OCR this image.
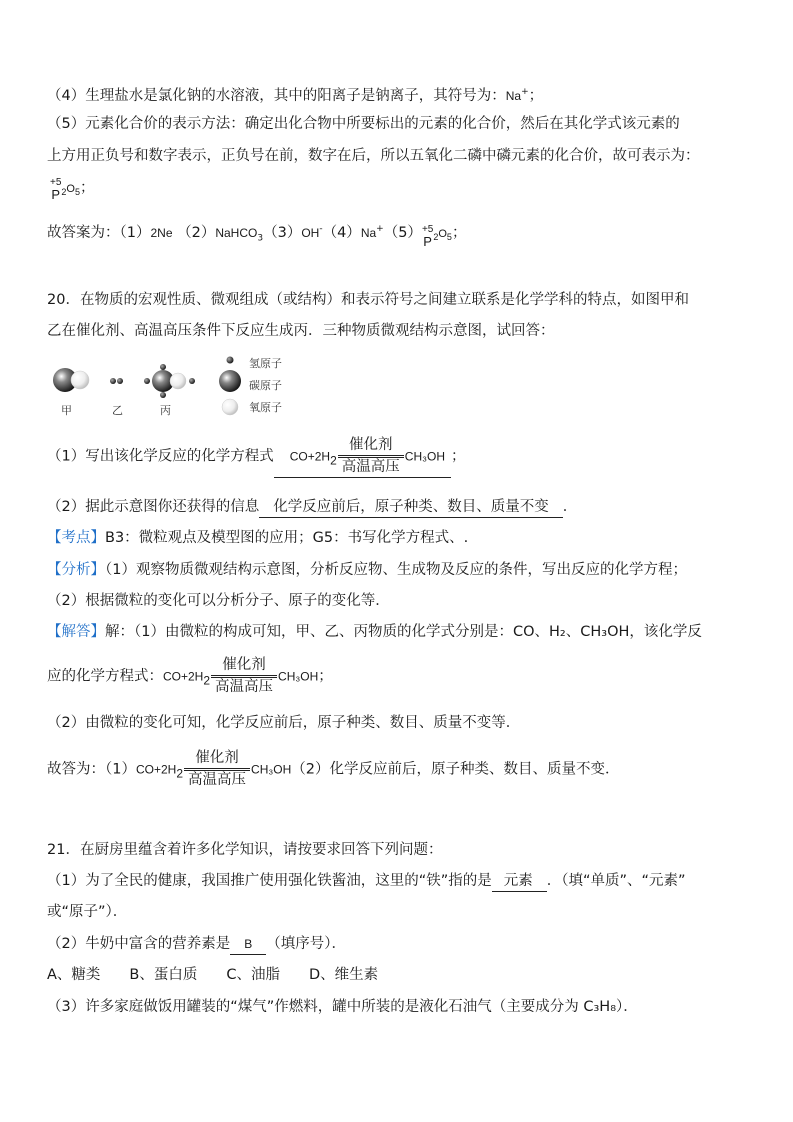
（4）生理盐水是氯化钠的水溶液，其中的阳离子是钠离子，其符号为：Na+；
（5）元素化合价的表示方法：确定出化合物中所要标出的元素的化合价，然后在其化学式该元素的
上方用正负号和数字表示，正负号在前，数字在后，所以五氧化二磷中磷元素的化合价，故可表示为：
+5
P $_2O_5$；
故答案为：（1）2Ne （2）NaHCO$_3$（3）OH-（4）Na+（5） +5
P $_2O_5$；
20．在物质的宏观性质、微观组成（或结构）和表示符号之间建立联系是化学学科的特点，如图甲和
乙在催化剂、高温高压条件下反应生成丙．三种物质微观结构示意图，试回答：
氢原子
碳原子
氧原子
甲	乙	丙
（1）写出该化学反应的化学方程式 $CO+2H_2 \frac{\text{催化剂}}{\text{高温高压}} CH_3OH$ ；
（2）据此示意图你还获得的信息 化学反应前后，原子种类、数目、质量不变 ．
【考点】B3：微粒观点及模型图的应用；G5：书写化学方程式、.
【分析】（1）观察物质微观结构示意图，分析反应物、生成物及反应的条件，写出反应的化学方程；
（2）根据微粒的变化可以分析分子、原子的变化等．
【解答】解：（1）由微粒的构成可知，甲、乙、丙物质的化学式分别是：CO、H₂、CH₃OH，该化学反
应的化学方程式：$CO+2H_2 \frac{\text{催化剂}}{\text{高温高压}} CH_3OH$；
（2）由微粒的变化可知，化学反应前后，原子种类、数目、质量不变等．
故答为：$(1)CO+2H_2 \frac{\text{催化剂}}{\text{高温高压}} CH_3OH(2)$化学反应前后，原子种类、数目、质量不变．
21．在厨房里蕴含着许多化学知识，请按要求回答下列问题：
（1）为了全民的健康，我国推广使用强化铁酱油，这里的“铁”指的是 元素 ．（填“单质”、“元素”
或“原子”）．
（2）牛奶中富含的营养素是 B （填序号）．
A、糖类　　B、蛋白质　　C、油脂　　D、维生素
（3）许多家庭做饭用罐装的“煤气”作燃料，罐中所装的是液化石油气（主要成分为 C₃H₈）．
